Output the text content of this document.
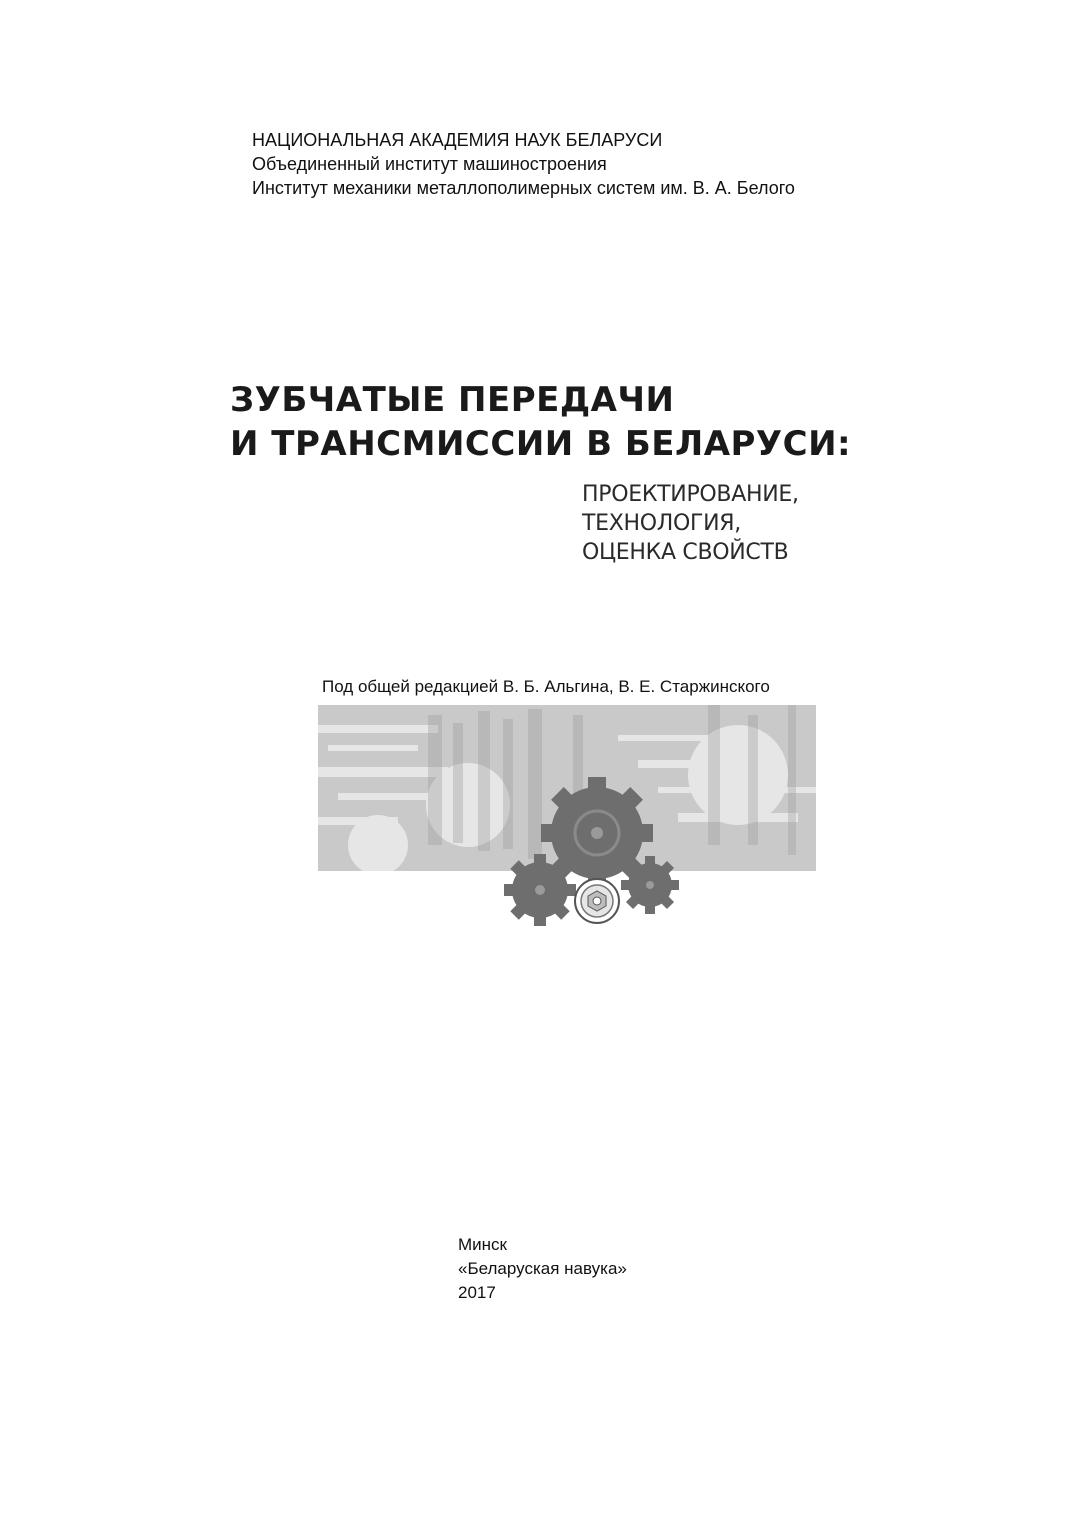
НАЦИОНАЛЬНАЯ АКАДЕМИЯ НАУК БЕЛАРУСИ
Объединенный институт машиностроения
Институт механики металлополимерных систем им. В. А. Белого
ЗУБЧАТЫЕ ПЕРЕДАЧИ
И ТРАНСМИССИИ В БЕЛАРУСИ:
ПРОЕКТИРОВАНИЕ,
ТЕХНОЛОГИЯ,
ОЦЕНКА СВОЙСТВ
Под общей редакцией В. Б. Альгина, В. Е. Старжинского
Минск
«Беларуская навука»
2017
